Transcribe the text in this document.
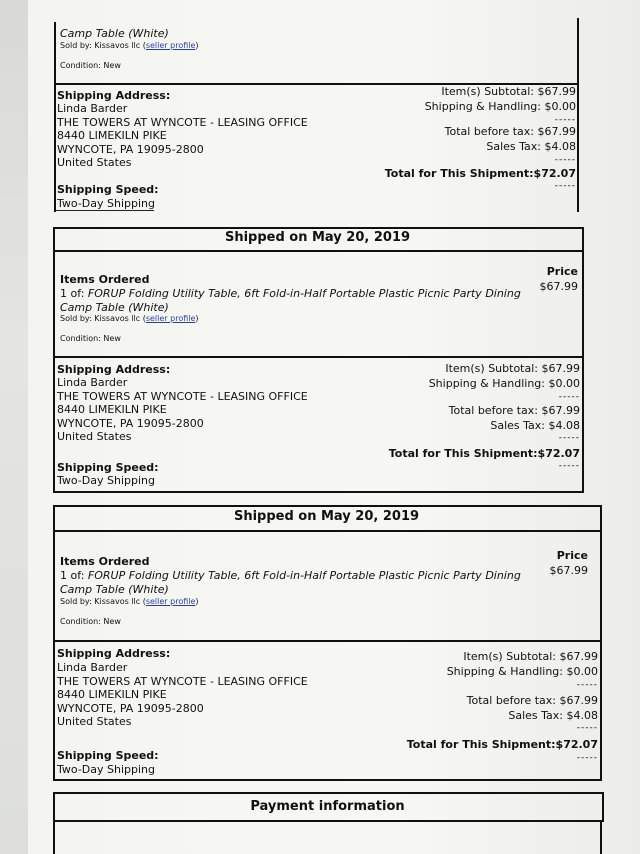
Camp Table (White)
Sold by: Kissavos llc (seller profile)
Condition: New
Shipping Address:
Linda Barder
THE TOWERS AT WYNCOTE - LEASING OFFICE
8440 LIMEKILN PIKE
WYNCOTE, PA 19095-2800
United States
Shipping Speed:
Two-Day Shipping
Item(s) Subtotal: $67.99
Shipping & Handling: $0.00
-----
Total before tax: $67.99
Sales Tax: $4.08
-----
Total for This Shipment:$72.07
-----
Shipped on May 20, 2019
Items Ordered
Price
1 of: FORUP Folding Utility Table, 6ft Fold-in-Half Portable Plastic Picnic Party Dining
$67.99
Camp Table (White)
Sold by: Kissavos llc (seller profile)
Condition: New
Shipping Address:
Linda Barder
THE TOWERS AT WYNCOTE - LEASING OFFICE
8440 LIMEKILN PIKE
WYNCOTE, PA 19095-2800
United States
Shipping Speed:
Two-Day Shipping
Item(s) Subtotal: $67.99
Shipping & Handling: $0.00
-----
Total before tax: $67.99
Sales Tax: $4.08
-----
Total for This Shipment:$72.07
-----
Shipped on May 20, 2019
Items Ordered	Price
1 of: FORUP Folding Utility Table, 6ft Fold-in-Half Portable Plastic Picnic Party Dining	$67.99
Camp Table (White)
Sold by: Kissavos llc (seller profile)
Condition: New
Shipping Address:
Linda Barder
THE TOWERS AT WYNCOTE - LEASING OFFICE
8440 LIMEKILN PIKE
WYNCOTE, PA 19095-2800
United States
Shipping Speed:
Two-Day Shipping
Item(s) Subtotal: $67.99
Shipping & Handling: $0.00
-----
Total before tax: $67.99
Sales Tax: $4.08
-----
Total for This Shipment:$72.07
-----
Payment information
